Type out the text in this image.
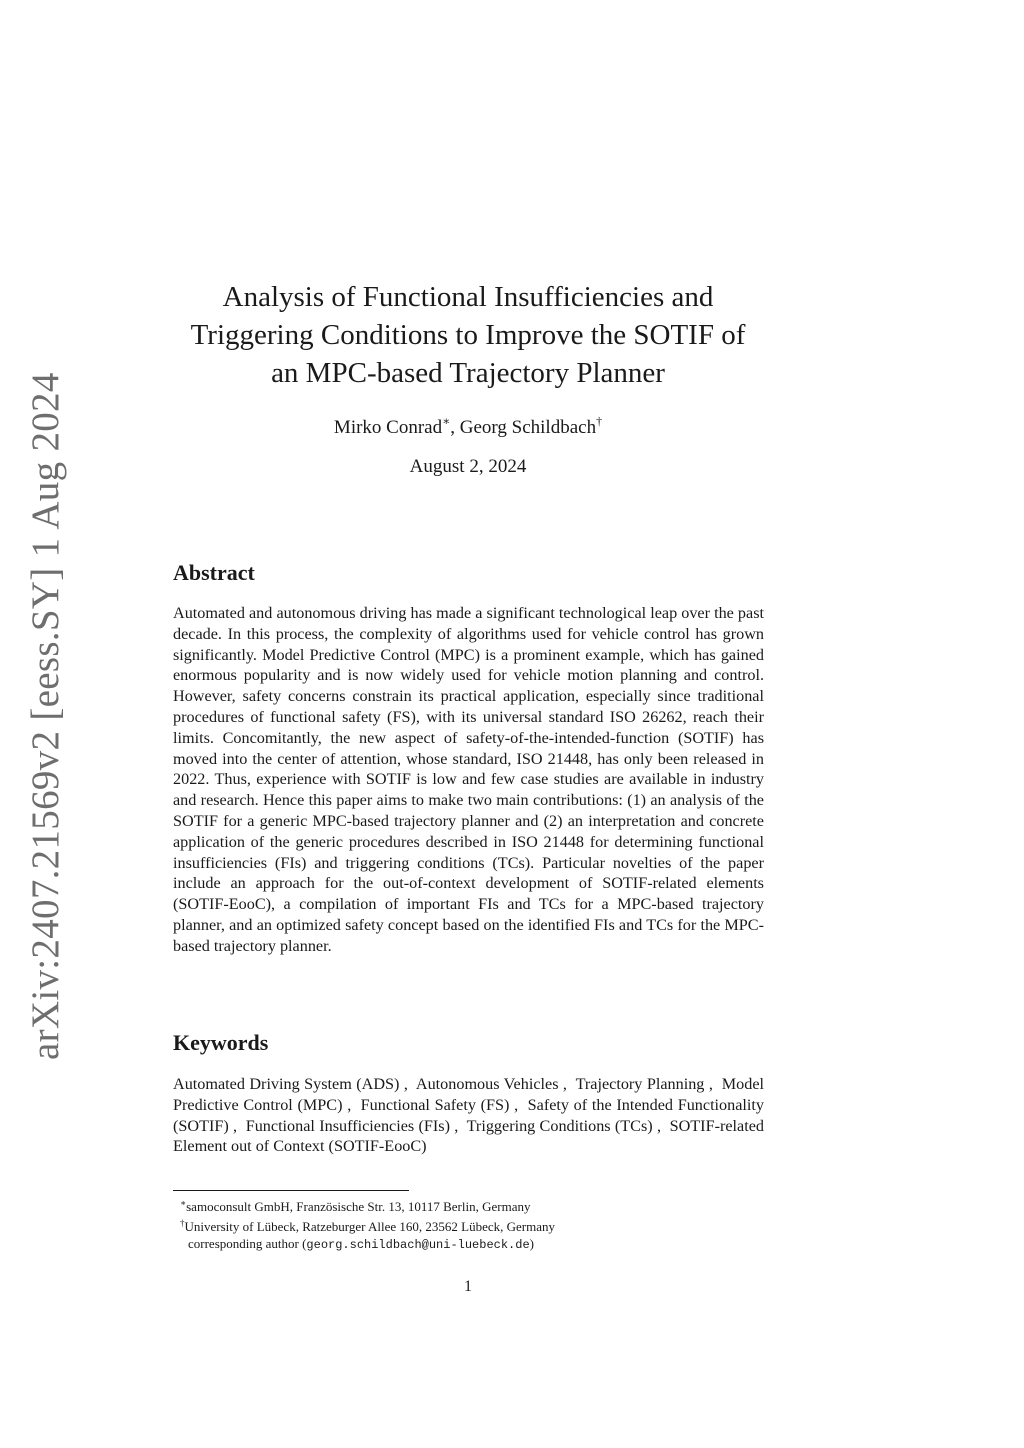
arXiv:2407.21569v2 [eess.SY] 1 Aug 2024
Analysis of Functional Insufficiencies and
Triggering Conditions to Improve the SOTIF of
an MPC-based Trajectory Planner
Mirko Conrad∗, Georg Schildbach†
August 2, 2024
Abstract

Automated and autonomous driving has made a significant technological leap over the past decade. In this process, the complexity of algorithms used for vehicle control has grown significantly. Model Predictive Control (MPC) is a prominent example, which has gained enormous popularity and is now widely used for vehicle motion planning and control. However, safety concerns constrain its practical application, especially since traditional procedures of functional safety (FS), with its universal standard ISO 26262, reach their limits. Concomitantly, the new aspect of safety-of-the-intended-function (SOTIF) has moved into the center of attention, whose standard, ISO 21448, has only been released in 2022. Thus, experience with SOTIF is low and few case studies are available in industry and research. Hence this paper aims to make two main contributions: (1) an analysis of the SOTIF for a generic MPC-based trajectory planner and (2) an interpretation and concrete application of the generic procedures described in ISO 21448 for determining functional insufficiencies (FIs) and triggering conditions (TCs). Particular novelties of the paper include an approach for the out-of-context development of SOTIF-related elements (SOTIF-EooC), a compilation of important FIs and TCs for a MPC-based trajectory planner, and an optimized safety concept based on the identified FIs and TCs for the MPC-based trajectory planner.

Keywords

Automated Driving System (ADS) , Autonomous Vehicles , Trajectory Planning , Model Predictive Control (MPC) , Functional Safety (FS) , Safety of the Intended Functionality (SOTIF) , Functional Insufficiencies (FIs) , Triggering Conditions (TCs) , SOTIF-related Element out of Context (SOTIF-EooC)

∗samoconsult GmbH, Französische Str. 13, 10117 Berlin, Germany
†University of Lübeck, Ratzeburger Allee 160, 23562 Lübeck, Germany
corresponding author (georg.schildbach@uni-luebeck.de)
1
